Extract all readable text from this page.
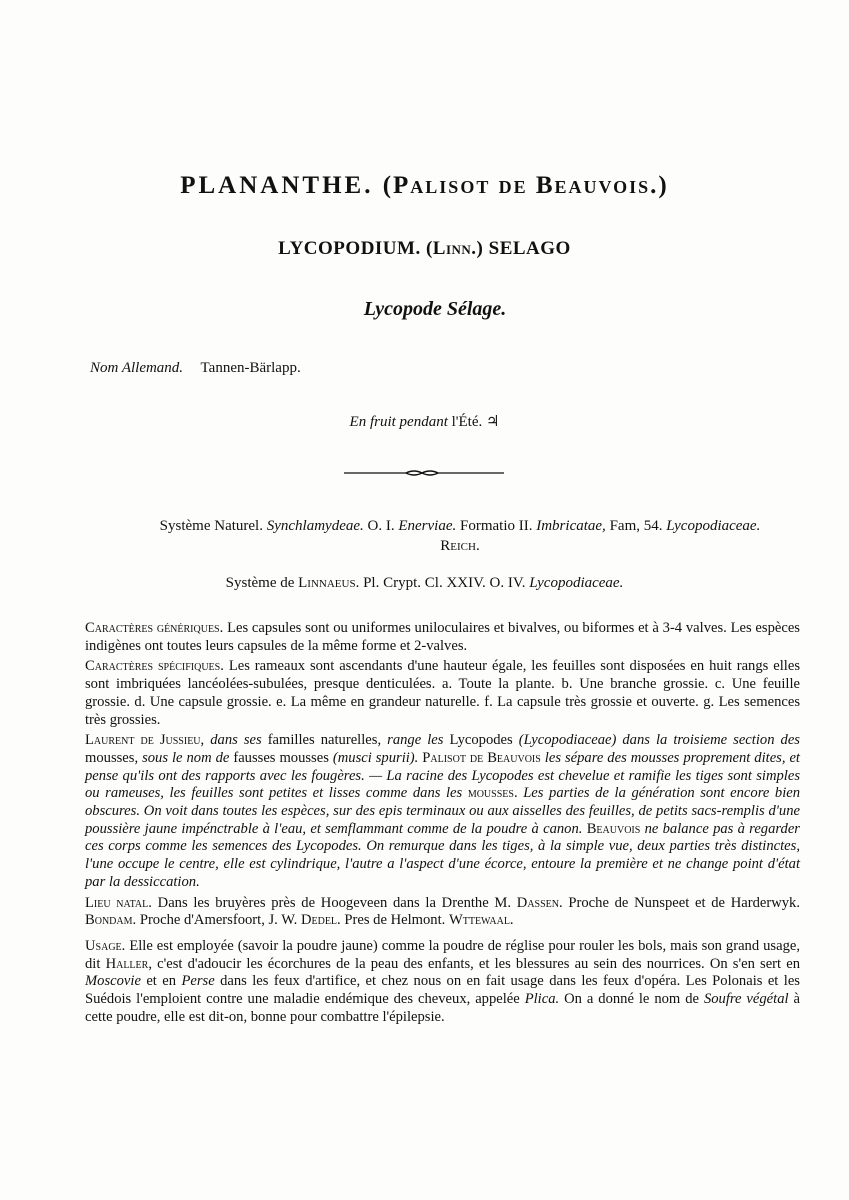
PLANANTHE. (Palisot de Beauvois.)
LYCOPODIUM. (Linn.) SELAGO
Lycopode Sélage.
Nom Allemand. Tannen-Bärlapp.
En fruit pendant l'Été. ♃
Système Naturel. Synchlamydeae. O. I. Enerviae. Formatio II. Imbricatae, Fam, 54. Lycopodiaceae. Reich.
Système de Linnaeus. Pl. Crypt. Cl. XXIV. O. IV. Lycopodiaceae.

Caractères génériques. Les capsules sont ou uniformes uniloculaires et bivalves, ou biformes et à 3-4 valves. Les espèces indigènes ont toutes leurs capsules de la même forme et 2-valves.

Caractères spécifiques. Les rameaux sont ascendants d'une hauteur égale, les feuilles sont disposées en huit rangs elles sont imbriquées lancéolées-subulées, presque denticulées. a. Toute la plante. b. Une branche grossie. c. Une feuille grossie. d. Une capsule grossie. e. La même en grandeur naturelle. f. La capsule très grossie et ouverte. g. Les semences très grossies.

Laurent de Jussieu, dans ses familles naturelles, range les Lycopodes (Lycopodiaceae) dans la troisieme section des mousses, sous le nom de fausses mousses (musci spurii). Palisot de Beauvois les sépare des mousses proprement dites, et pense qu'ils ont des rapports avec les fougères. — La racine des Lycopodes est chevelue et ramifie les tiges sont simples ou rameuses, les feuilles sont petites et lisses comme dans les mousses. Les parties de la génération sont encore bien obscures. On voit dans toutes les espèces, sur des epis terminaux ou aux aisselles des feuilles, de petits sacs-remplis d'une poussière jaune impénctrable à l'eau, et semflammant comme de la poudre à canon. Beauvois ne balance pas à regarder ces corps comme les semences des Lycopodes. On remurque dans les tiges, à la simple vue, deux parties très distinctes, l'une occupe le centre, elle est cylindrique, l'autre a l'aspect d'une écorce, entoure la première et ne change point d'état par la dessiccation.

Lieu natal. Dans les bruyères près de Hoogeveen dans la Drenthe M. Dassen. Proche de Nunspeet et de Harderwyk. Bondam. Proche d'Amersfoort, J. W. Dedel. Pres de Helmont. Wttewaal.

Usage. Elle est employée (savoir la poudre jaune) comme la poudre de réglise pour rouler les bols, mais son grand usage, dit Haller, c'est d'adoucir les écorchures de la peau des enfants, et les blessures au sein des nourrices. On s'en sert en Moscovie et en Perse dans les feux d'artifice, et chez nous on en fait usage dans les feux d'opéra. Les Polonais et les Suédois l'emploient contre une maladie endémique des cheveux, appelée Plica. On a donné le nom de Soufre végétal à cette poudre, elle est dit-on, bonne pour combattre l'épilepsie.
